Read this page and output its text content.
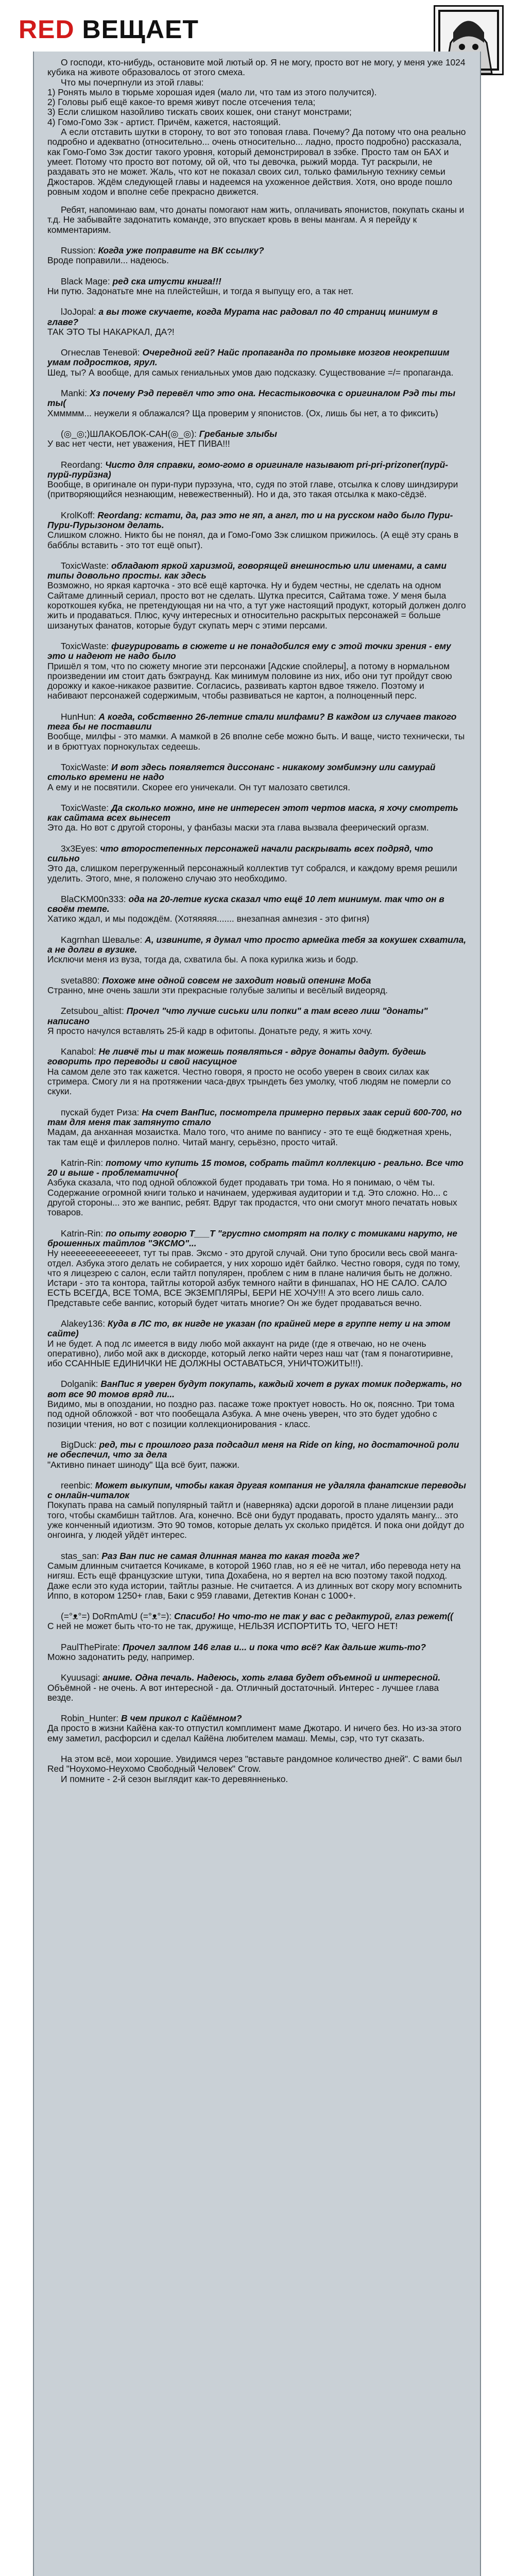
RED ВЕЩАЕТ

О господи, кто-нибудь, остановите мой лютый ор. Я не могу, просто вот не могу, у меня уже 1024 кубика на животе образовалось от этого смеха.

Что мы почерпнули из этой главы:

1) Ронять мыло в тюрьме хорошая идея (мало ли, что там из этого получится).

2) Головы рыб ещё какое-то время живут после отсечения тела;

3) Если слишком назойливо тискать своих кошек, они станут монстрами;

4) Гомо-Гомо Зэк - артист. Причём, кажется, настоящий.

А если отставить шутки в сторону, то вот это топовая глава. Почему? Да потому что она реально подробно и адекватно (относительно... очень относительно... ладно, просто подробно) рассказала, как Гомо-Гомо Зэк достиг такого уровня, который демонстрировал в зэбке. Просто там он БАХ и умеет. Потому что просто вот потому, ой ой, что ты девочка, рыжий морда. Тут раскрыли, не раздавать это не может. Жаль, что кот не показал своих сил, только фамильную технику семьи Джостаров. Ждём следующей главы и надеемся на ухоженное действия. Хотя, оно вроде пошло ровным ходом и вполне себе прекрасно движется.

Ребят, напоминаю вам, что донаты помогают нам жить, оплачивать японистов, покупать сканы и т.д. Не забывайте задонатить команде, это впускает кровь в вены мангам. А я перейду к комментариям.

Russion: Когда уже поправите на ВК ссылку?
Вроде поправили... надеюсь.
Black Mage: ред ска итусти книга!!!
Ни путю. Задонатьте мне на плейстейшн, и тогда я выпущу его, а так нет.
lJoJopal: а вы тоже скучаете, когда Мурата нас радовал по 40 страниц минимум в главе?
ТАК ЭТО ТЫ НАКАРКАЛ, ДА?!
Огнеслав Теневой: Очередной гей? Найс пропаганда по промывке мозгов неокрепшим умам подростков, ярул.
Шед, ты? А вообще, для самых гениальных умов даю подсказку. Существование =/= пропаганда.
Manki: Хз почему Рэд перевёл что это она. Несастыковочка с оригиналом Рэд ты ты ты(
Хммммм... неужели я облажался? Ща проверим у японистов. (Ох, лишь бы нет, а то фиксить)
(◎_◎;)ШЛАКОБЛОК-САН(◎_◎): Гребаные злыбы
У вас нет чести, нет уважения, НЕТ ПИВА!!!
Reordang: Чисто для справки, гомо-гомо в оригинале называют pri-pri-prizoner(пурй-пурй-пурйзна)
Вообще, в оригинале он пури-пури пурэзуна, что, судя по этой главе, отсылка к слову шиндзирури (притворяющийся незнающим, невежественный). Но и да, это такая отсылка к мако-сёдзё.
KrolKoff: Reordang: кстати, да, раз это не яп, а англ, то и на русском надо было Пури-Пури-Пурызоном делать.
Слишком сложно. Никто бы не понял, да и Гомо-Гомо Зэк слишком прижилось. (А ещё эту срань в бабблы вставить - это тот ещё опыт).
ToxicWaste: обладают яркой харизмой, говорящей внешностью или именами, а сами типы довольно просты. как здесь
Возможно, но яркая карточка - это всё ещё карточка. Ну и будем честны, не сделать на одном Сайтаме длинный сериал, просто вот не сделать. Шутка пресится, Сайтама тоже. У меня была короткошея кубка, не претендующая ни на что, а тут уже настоящий продукт, который должен долго жить и продаваться. Плюс, кучу интересных и относительно раскрытых персонажей = больше шизанутых фанатов, которые будут скупать мерч с этими персами.
ToxicWaste: фигурировать в сюжете и не понадобился ему с этой точки зрения - ему это и надеют не надо было
Пришёл я том, что по сюжету многие эти персонажи [Адские спойлеры], а потому в нормальном произведении им стоит дать бэкграунд. Как минимум половине из них, ибо они тут пройдут свою дорожку и какое-никакое развитие. Согласись, развивать картон вдвое тяжело. Поэтому и набивают персонажей содержимым, чтобы развиваться не картон, а полноценный перс.
HunHun: А когда, собственно 26-летние стали милфами? В каждом из случаев такого тега бы не поставили
Вообще, милфы - это мамки. А мамкой в 26 вполне себе можно быть. И ваще, чисто технически, ты и в брюттуах порнокультах седеешь.
ToxicWaste: И вот здесь появляется диссонанс - никакому зомбимэну или самурай столько времени не надо
А ему и не посвятили. Скорее его уничекали. Он тут малозато светился.
ToxicWaste: Да сколько можно, мне не интересен этот чертов маска, я хочу смотреть как сайтама всех вынесет
Это да. Но вот с другой стороны, у фанбазы маски эта глава вызвала феерический оргазм.
3x3Eyes: что второстепенных персонажей начали раскрывать всех подряд, что сильно
Это да, слишком перегруженный персонажный коллектив тут собрался, и каждому время решили уделить. Этого, мне, я положено случаю это необходимо.
BlaCKM00n333: ода на 20-летие куска сказал что ещё 10 лет минимум. так что он в своём темпе.
Хатико ждал, и мы подождём. (Хотяяяяя....... внезапная амнезия - это фигня)
Kagrnhan Шевалье: А, извините, я думал что просто армейка тебя за кокушек схватила, а не долги в вузике.
Исключи меня из вуза, тогда да, схватила бы. А пока курилка жизь и бодр.
sveta880: Похоже мне одной совсем не заходит новый опенинг Моба
Странно, мне очень зашли эти прекрасные голубые залипы и весёлый видеоряд.
Zetsubou_altist: Прочел "что лучше сиськи или попки" а там всего лиш "донаты" написано
Я просто начулся вставлять 25-й кадр в офитопы. Донатьте реду, я жить хочу.
Kanabol: Не ливчё ты и так можешь появляться - вдруг донаты дадут. будешь говорить про переводы и свой насущное
На самом деле это так кажется. Честно говоря, я просто не особо уверен в своих силах как стримера. Смогу ли я на протяжении часа-двух трындеть без умолку, чтоб людям не померли со скуки.
пускай будет Риза: На счет ВанПис, посмотрела примерно первых заак серий 600-700, но там для меня так затянуто стало
Мадам, да анханная мозаистка. Мало того, что аниме по ванпису - это те ещё бюджетная хрень, так там ещё и филлеров полно. Читай мангу, серьёзно, просто читай.
Katrin-Rin: потому что купить 15 томов, собрать тайтл коллекцию - реально. Все что 20 и выше - проблематично(
Азбука сказала, что под одной обложкой будет продавать три тома. Но я понимаю, о чём ты. Содержание огромной книги только и начинаем, удерживая аудитории и т.д. Это сложно. Но... с другой стороны... это же ванпис, ребят. Вдруг так продастся, что они смогут много печатать новых товаров.
Katrin-Rin: по опыту говорю Т___Т "грустно смотрят на полку с томиками наруто, не брошенных тайтлов "ЭКСМО"...
Ну неееееееееееееет, тут ты прав. Эксмо - это другой случай. Они тупо бросили весь свой манга-отдел. Азбука этого делать не собирается, у них хорошо идёт байлко. Честно говоря, судя по тому, что я лицезрею с салон, если тайтл популярен, проблем с ним в плане наличия быть не должно. Истари - это та контора, тайтлы которой азбук темного найти в финшапах, НО НЕ САЛО. САЛО ЕСТЬ ВСЕГДА, ВСЕ ТОМА, ВСЕ ЭКЗЕМПЛЯРЫ, БЕРИ НЕ ХОЧУ!!! А это всего лишь сало. Представьте себе ванпис, который будет читать многие? Он же будет продаваться вечно.
Alakey136: Куда в ЛС то, вк нигде не указан (по крайней мере в группе нету и на этом сайте)
И не будет. А под лс имеется в виду любо мой аккаунт на риде (где я отвечаю, но не очень оперативно), либо мой акк в дискорде, который легко найти через наш чат (там я понаготиривне, ибо ССАННЫЕ ЕДИНИЧКИ НЕ ДОЛЖНЫ ОСТАВАТЬСЯ, УНИЧТОЖИТЬ!!!).
Dolganik: ВанПис я уверен будут покупать, каждый хочет в руках томик подержать, но вот все 90 томов вряд ли...
Видимо, мы в опоздании, но поздно раз. пасаже тоже проктует новость. Но ок, пояснно. Три тома под одной обложкой - вот что пообещала Азбука. А мне очень уверен, что это будет удобно с позиции чтения, но вот с позиции коллекционирования - класс.
BigDuck: ред, ты с прошлого раза подсадил меня на Ride on king, но достаточной роли не обеспечил, что за дела
"Активно пинает шиноду" Ща всё буит, пажжи.
reenbic: Может выкупим, чтобы какая другая компания не удаляла фанатские переводы с онлайн-читалок
Покупать права на самый популярный тайтл и (наверняка) адски дорогой в плане лицензии ради того, чтобы скамбишн тайтлов. Ага, конечно. Всё они будут продавать, просто удалять мангу... это уже конченный идиотизм. Это 90 томов, которые делать ух сколько придётся. И пока они дойдут до онгоинга, у людей уйдёт интерес.
stas_san: Раз Ван пис не самая длинная манга то какая тогда же?
Самым длинным считается Кочикаме, в которой 1960 глав, но я её не читал, ибо перевода нету на нигяш. Есть ещё французские штуки, типа Дохабена, но я вертел на всю поэтому такой подход. Даже если это куда истории, тайтлы разные. Не считается. А из длинных вот скору могу вспомнить Иппо, в котором 1250+ глав, Баки с 959 главами, Детектив Конан с 1000+.
(=°ᴥ°=) DoRmAmU (=°ᴥ°=): Спасибо! Но что-то не так у вас с редактурой, глаз режет((
С ней не может быть что-то не так, дружище, НЕЛЬЗЯ ИСПОРТИТЬ ТО, ЧЕГО НЕТ!
PaulThePirate: Прочел залпом 146 глав и... и пока что всё? Как дальше жить-то?
Можно задонатить реду, например.
Kyuusagi: аниме. Одна печаль. Надеюсь, хоть глава будет объемной и интересной.
Объёмной - не очень. А вот интересной - да. Отличный достаточный. Интерес - лучшее глава везде.
Robin_Hunter: В чем прикол с Кайёмном?
Да просто в жизни Кайёна как-то отпустил комплимент маме Джотаро. И ничего без. Но из-за этого ему заметил, расфорсил и сделал Кайёна любителем мамаш. Мемы, сэр, что тут сказать.

На этом всё, мои хорошие. Увидимся через "вставьте рандомное количество дней". С вами был Red "Ноухомо-Неухомо Свободный Человек" Crow.

И помните - 2-й сезон выглядит как-то деревянненько.
